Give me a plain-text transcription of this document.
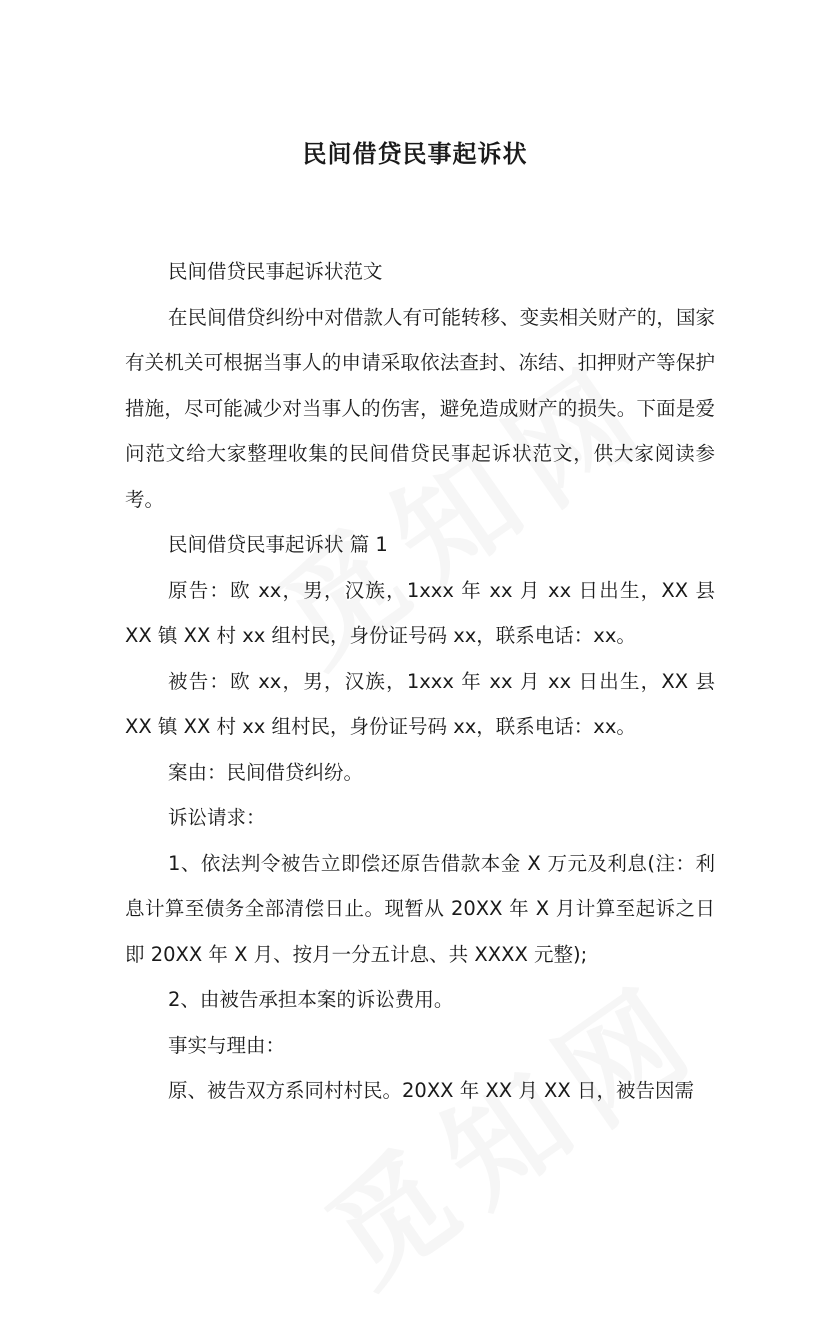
民间借贷民事起诉状

民间借贷民事起诉状范文

在民间借贷纠纷中对借款人有可能转移、变卖相关财产的，国家有关机关可根据当事人的申请采取依法查封、冻结、扣押财产等保护措施，尽可能减少对当事人的伤害，避免造成财产的损失。下面是爱问范文给大家整理收集的民间借贷民事起诉状范文，供大家阅读参考。

民间借贷民事起诉状 篇 1

原告：欧 xx，男，汉族，1xxx 年 xx 月 xx 日出生，XX 县 XX 镇 XX 村 xx 组村民，身份证号码 xx，联系电话：xx。

被告：欧 xx，男，汉族，1xxx 年 xx 月 xx 日出生，XX 县 XX 镇 XX 村 xx 组村民，身份证号码 xx，联系电话：xx。

案由：民间借贷纠纷。

诉讼请求：

1、依法判令被告立即偿还原告借款本金 X 万元及利息(注：利息计算至债务全部清偿日止。现暂从 20XX 年 X 月计算至起诉之日即 20XX 年 X 月、按月一分五计息、共 XXXX 元整);

2、由被告承担本案的诉讼费用。

事实与理由：

原、被告双方系同村村民。20XX 年 XX 月 XX 日，被告因需
